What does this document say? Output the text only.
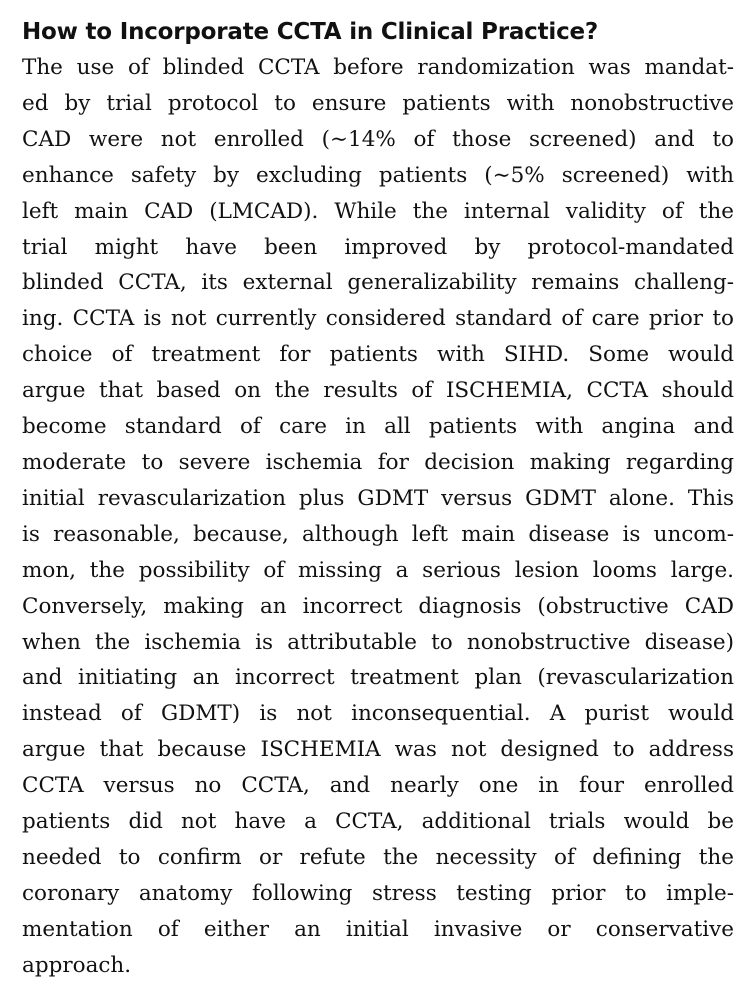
How to Incorporate CCTA in Clinical Practice?

The use of blinded CCTA before randomization was mandat-
ed by trial protocol to ensure patients with nonobstructive
CAD were not enrolled (∼14% of those screened) and to
enhance safety by excluding patients (∼5% screened) with
left main CAD (LMCAD). While the internal validity of the
trial might have been improved by protocol-mandated
blinded CCTA, its external generalizability remains challeng-
ing. CCTA is not currently considered standard of care prior to
choice of treatment for patients with SIHD. Some would
argue that based on the results of ISCHEMIA, CCTA should
become standard of care in all patients with angina and
moderate to severe ischemia for decision making regarding
initial revascularization plus GDMT versus GDMT alone. This
is reasonable, because, although left main disease is uncom-
mon, the possibility of missing a serious lesion looms large.
Conversely, making an incorrect diagnosis (obstructive CAD
when the ischemia is attributable to nonobstructive disease)
and initiating an incorrect treatment plan (revascularization
instead of GDMT) is not inconsequential. A purist would
argue that because ISCHEMIA was not designed to address
CCTA versus no CCTA, and nearly one in four enrolled
patients did not have a CCTA, additional trials would be
needed to confirm or refute the necessity of defining the
coronary anatomy following stress testing prior to imple-
mentation of either an initial invasive or conservative
approach.
